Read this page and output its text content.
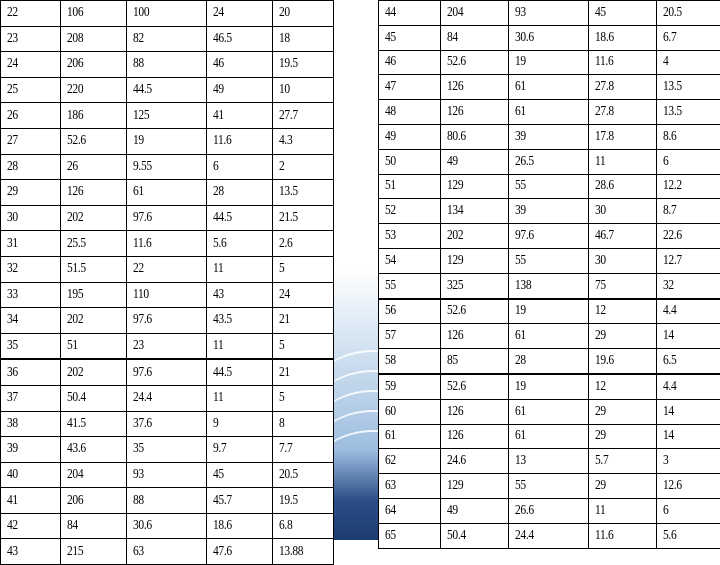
22	106	100	24	20
23	208	82	46.5	18
24	206	88	46	19.5
25	220	44.5	49	10
26	186	125	41	27.7
27	52.6	19	11.6	4.3
28	26	9.55	6	2
29	126	61	28	13.5
30	202	97.6	44.5	21.5
31	25.5	11.6	5.6	2.6
32	51.5	22	11	5
33	195	110	43	24
34	202	97.6	43.5	21
35	51	23	11	5
36	202	97.6	44.5	21
37	50.4	24.4	11	5
38	41.5	37.6	9	8
39	43.6	35	9.7	7.7
40	204	93	45	20.5
41	206	88	45.7	19.5
42	84	30.6	18.6	6.8
43	215	63	47.6	13.88
44	204	93	45	20.5
45	84	30.6	18.6	6.7
46	52.6	19	11.6	4
47	126	61	27.8	13.5
48	126	61	27.8	13.5
49	80.6	39	17.8	8.6
50	49	26.5	11	6
51	129	55	28.6	12.2
52	134	39	30	8.7
53	202	97.6	46.7	22.6
54	129	55	30	12.7
55	325	138	75	32
56	52.6	19	12	4.4
57	126	61	29	14
58	85	28	19.6	6.5
59	52.6	19	12	4.4
60	126	61	29	14
61	126	61	29	14
62	24.6	13	5.7	3
63	129	55	29	12.6
64	49	26.6	11	6
65	50.4	24.4	11.6	5.6
